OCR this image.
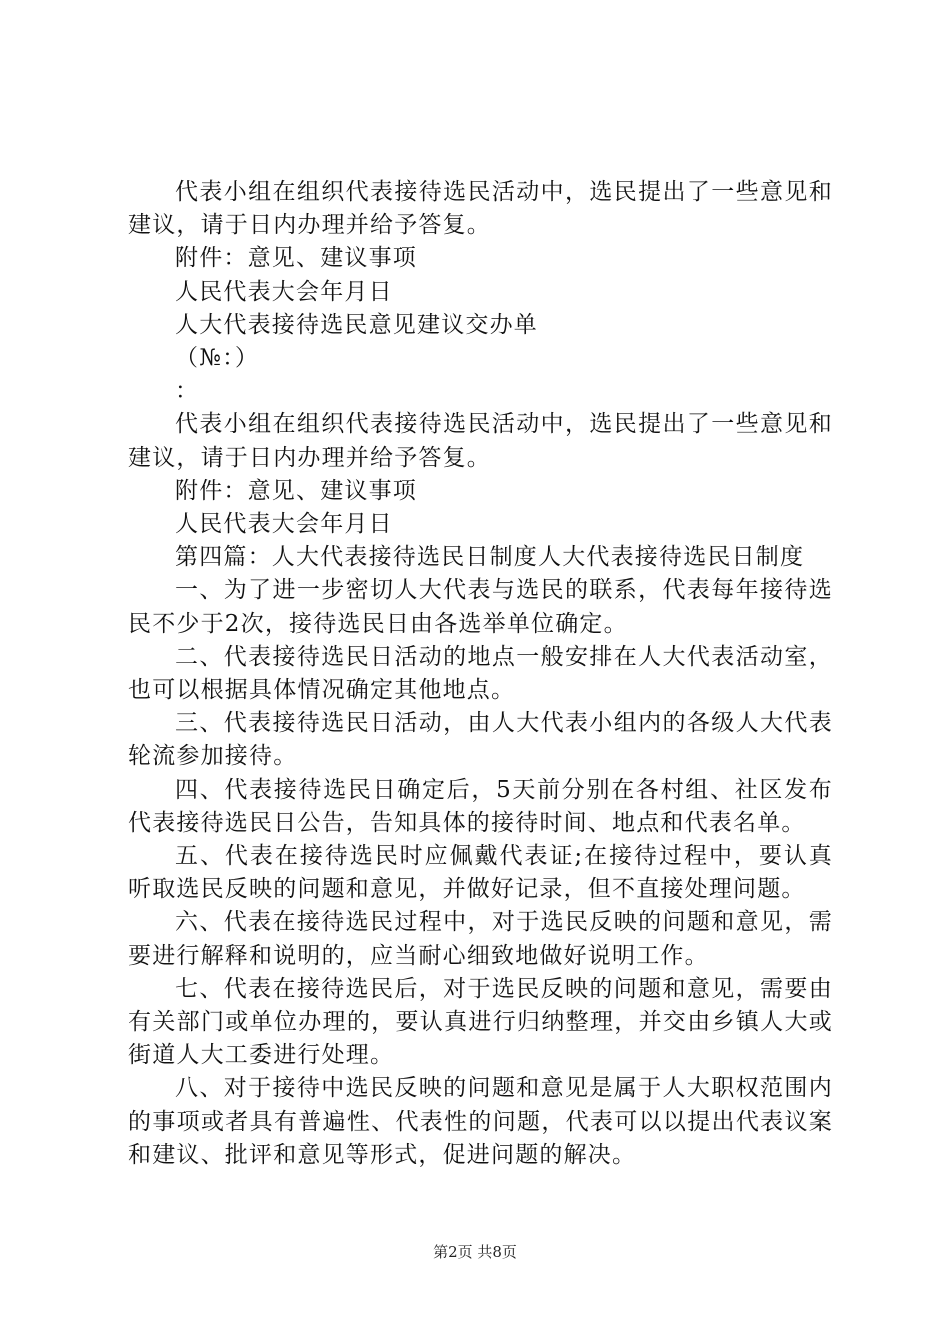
代表小组在组织代表接待选民活动中，选民提出了一些意见和建议，请于日内办理并给予答复。

附件：意见、建议事项

人民代表大会年月日

人大代表接待选民意见建议交办单

（№：）

：

代表小组在组织代表接待选民活动中，选民提出了一些意见和建议，请于日内办理并给予答复。

附件：意见、建议事项

人民代表大会年月日

第四篇：人大代表接待选民日制度人大代表接待选民日制度

一、为了进一步密切人大代表与选民的联系，代表每年接待选民不少于2次，接待选民日由各选举单位确定。

二、代表接待选民日活动的地点一般安排在人大代表活动室，也可以根据具体情况确定其他地点。

三、代表接待选民日活动，由人大代表小组内的各级人大代表轮流参加接待。

四、代表接待选民日确定后，5天前分别在各村组、社区发布代表接待选民日公告，告知具体的接待时间、地点和代表名单。

五、代表在接待选民时应佩戴代表证;在接待过程中，要认真听取选民反映的问题和意见，并做好记录，但不直接处理问题。

六、代表在接待选民过程中，对于选民反映的问题和意见，需要进行解释和说明的，应当耐心细致地做好说明工作。

七、代表在接待选民后，对于选民反映的问题和意见，需要由有关部门或单位办理的，要认真进行归纳整理，并交由乡镇人大或街道人大工委进行处理。

八、对于接待中选民反映的问题和意见是属于人大职权范围内的事项或者具有普遍性、代表性的问题，代表可以以提出代表议案和建议、批评和意见等形式，促进问题的解决。

第2页 共8页
